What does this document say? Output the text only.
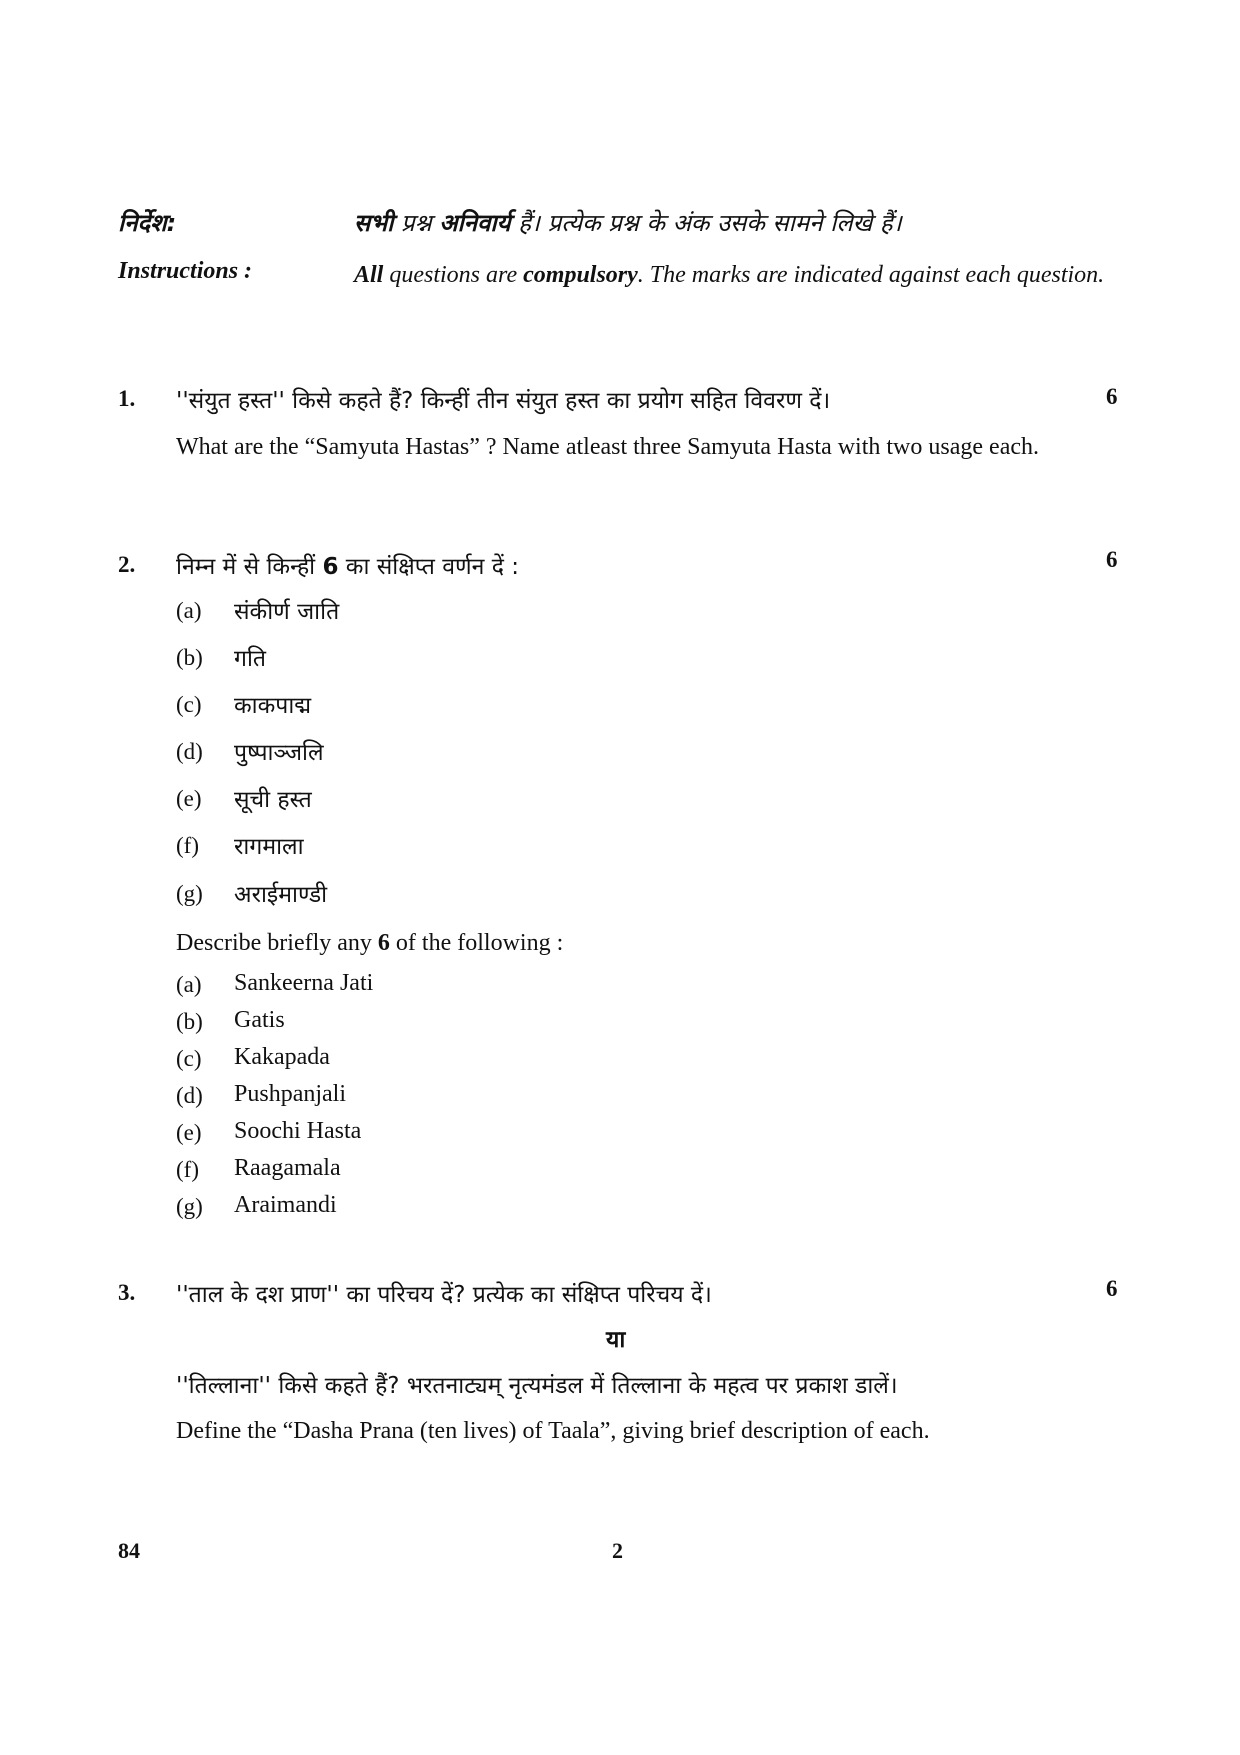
निर्देश:	सभी प्रश्न अनिवार्य हैं। प्रत्येक प्रश्न के अंक उसके सामने लिखे हैं।
Instructions :	All questions are compulsory. The marks are indicated against each question.
1. ''संयुत हस्त'' किसे कहते हैं? किन्हीं तीन संयुत हस्त का प्रयोग सहित विवरण दें।	6
What are the “Samyuta Hastas” ? Name atleast three Samyuta Hasta with two usage each.
2. निम्न में से किन्हीं 6 का संक्षिप्त वर्णन दें :	6
(a) संकीर्ण जाति
(b) गति
(c) काकपाद्म
(d) पुष्पाञ्जलि
(e) सूची हस्त
(f) रागमाला
(g) अराईमाण्डी
Describe briefly any 6 of the following :
(a) Sankeerna Jati
(b) Gatis
(c) Kakapada
(d) Pushpanjali
(e) Soochi Hasta
(f) Raagamala
(g) Araimandi
3. ''ताल के दश प्राण'' का परिचय दें? प्रत्येक का संक्षिप्त परिचय दें।	6
या
''तिल्लाना'' किसे कहते हैं? भरतनाट्यम् नृत्यमंडल में तिल्लाना के महत्व पर प्रकाश डालें।
Define the “Dasha Prana (ten lives) of Taala”, giving brief description of each.
84	2
